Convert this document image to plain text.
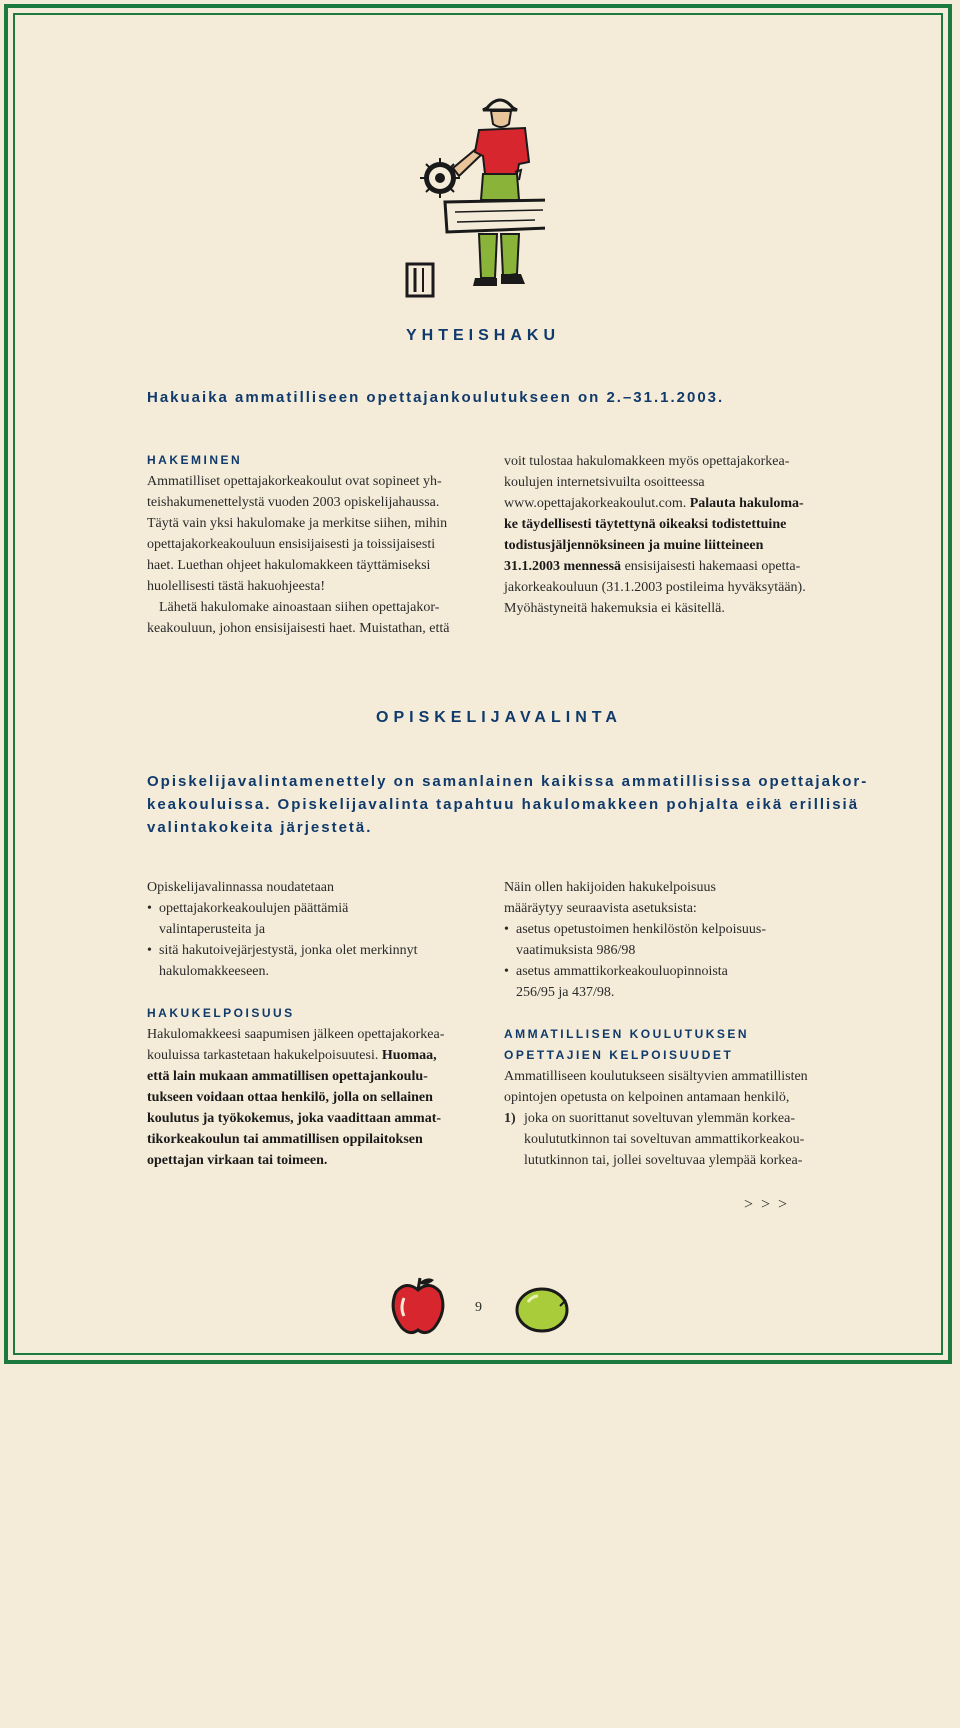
YHTEISHAKU
Hakuaika ammatilliseen opettajankoulutukseen on 2.–31.1.2003.
HAKEMINEN
Ammatilliset opettajakorkeakoulut ovat sopineet yh-
teishakumenettelystä vuoden 2003 opiskelijahaussa.
Täytä vain yksi hakulomake ja merkitse siihen, mihin
opettajakorkeakouluun ensisijaisesti ja toissijaisesti
haet. Luethan ohjeet hakulomakkeen täyttämiseksi
huolellisesti tästä hakuohjeesta!
Lähetä hakulomake ainoastaan siihen opettajakor-
keakouluun, johon ensisijaisesti haet. Muistathan, että
voit tulostaa hakulomakkeen myös opettajakorkea-
koulujen internetsivuilta osoitteessa
www.opettajakorkeakoulut.com. Palauta hakuloma-
ke täydellisesti täytettynä oikeaksi todistettuine
todistusjäljennöksineen ja muine liitteineen
31.1.2003 mennessä ensisijaisesti hakemaasi opetta-
jakorkeakouluun (31.1.2003 postileima hyväksytään).
Myöhästyneitä hakemuksia ei käsitellä.
OPISKELIJAVALINTA
Opiskelijavalintamenettely on samanlainen kaikissa ammatillisissa opettajakor-
keakouluissa. Opiskelijavalinta tapahtuu hakulomakkeen pohjalta eikä erillisiä
valintakokeita järjestetä.
Opiskelijavalinnassa noudatetaan
• opettajakorkeakoulujen päättämiä
valintaperusteita ja
• sitä hakutoivejärjestystä, jonka olet merkinnyt
hakulomakkeeseen.
HAKUKELPOISUUS
Hakulomakkeesi saapumisen jälkeen opettajakorkea-
kouluissa tarkastetaan hakukelpoisuutesi. Huomaa,
että lain mukaan ammatillisen opettajankoulu-
tukseen voidaan ottaa henkilö, jolla on sellainen
koulutus ja työkokemus, joka vaadittaan ammat-
tikorkeakoulun tai ammatillisen oppilaitoksen
opettajan virkaan tai toimeen.
Näin ollen hakijoiden hakukelpoisuus
määräytyy seuraavista asetuksista:
• asetus opetustoimen henkilöstön kelpoisuus-
vaatimuksista 986/98
• asetus ammattikorkeakouluopinnoista
256/95 ja 437/98.
AMMATILLISEN KOULUTUKSEN
OPETTAJIEN KELPOISUUDET
Ammatilliseen koulutukseen sisältyvien ammatillisten
opintojen opetusta on kelpoinen antamaan henkilö,
1) joka on suorittanut soveltuvan ylemmän korkea-
koulututkinnon tai soveltuvan ammattikorkeakou-
lututkinnon tai, jollei soveltuvaa ylempää korkea-
> > >
9
